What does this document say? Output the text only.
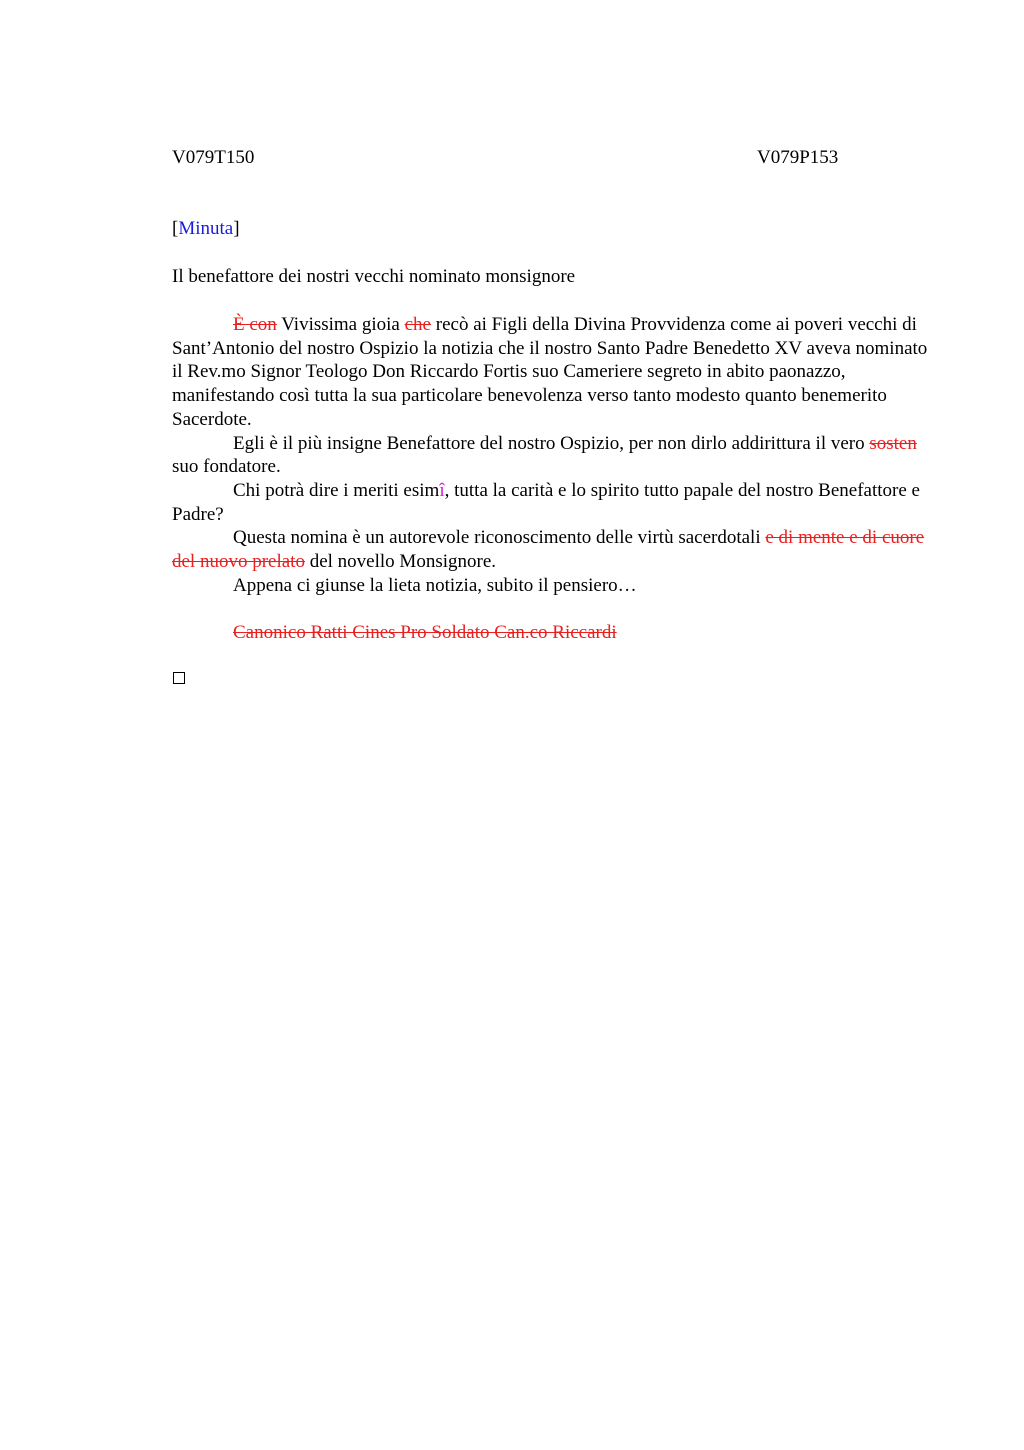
V079T150	V079P153
[Minuta]
Il benefattore dei nostri vecchi nominato monsignore

È con Vivissima gioia che recò ai Figli della Divina Provvidenza come ai poveri vecchi di Sant’Antonio del nostro Ospizio la notizia che il nostro Santo Padre Benedetto XV aveva nominato il Rev.mo Signor Teologo Don Riccardo Fortis suo Cameriere segreto in abito paonazzo, manifestando così tutta la sua particolare benevolenza verso tanto modesto quanto benemerito Sacerdote.

Egli è il più insigne Benefattore del nostro Ospizio, per non dirlo addirittura il vero sosten suo fondatore.

Chi potrà dire i meriti esimî, tutta la carità e lo spirito tutto papale del nostro Benefattore e Padre?

Questa nomina è un autorevole riconoscimento delle virtù sacerdotali e di mente e di cuore del nuovo prelato del novello Monsignore.

Appena ci giunse la lieta notizia, subito il pensiero…

Canonico Ratti Cines Pro Soldato Can.co Riccardi
